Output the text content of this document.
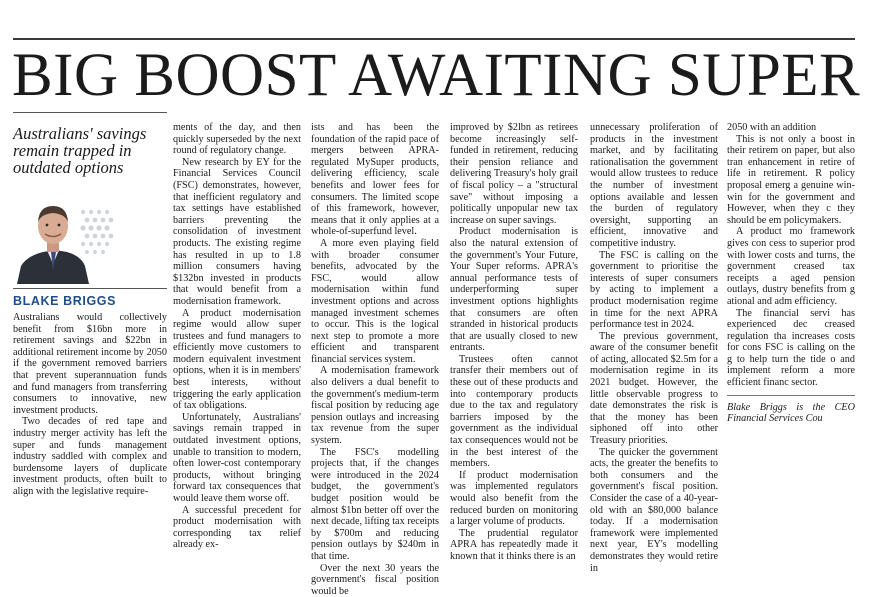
BIG BOOST AWAITING SUPER
Australians' savings remain trapped in outdated options
BLAKE BRIGGS

Australians would collectively benefit from $16bn more in retirement savings and $22bn in additional retirement income by 2050 if the government removed barriers that prevent superannuation funds and fund managers from transferring consumers to innovative, new investment products.

Two decades of red tape and industry merger activity has left the super and funds management industry saddled with complex and burdensome layers of duplicate investment products, often built to align with the legislative require-

ments of the day, and then quickly superseded by the next round of regulatory change.

New research by EY for the Financial Services Council (FSC) demonstrates, however, that inefficient regulatory and tax settings have established barriers preventing the consolidation of investment products. The existing regime has resulted in up to 1.8 million consumers having $132bn invested in products that would benefit from a modernisation framework.

A product modernisation regime would allow super trustees and fund managers to efficiently move customers to modern equivalent investment options, when it is in members' best interests, without triggering the early application of tax obligations.

Unfortunately, Australians' savings remain trapped in outdated investment options, unable to transition to modern, often lower-cost contemporary products, without bringing forward tax consequences that would leave them worse off.

A successful precedent for product modernisation with corresponding tax relief already ex-

ists and has been the foundation of the rapid pace of mergers between APRA-regulated MySuper products, delivering efficiency, scale benefits and lower fees for consumers. The limited scope of this framework, however, means that it only applies at a whole-of-superfund level.

A more even playing field with broader consumer benefits, advocated by the FSC, would allow modernisation within fund investment options and across managed investment schemes to occur. This is the logical next step to promote a more efficient and transparent financial services system.

A modernisation framework also delivers a dual benefit to the government's medium-term fiscal position by reducing age pension outlays and increasing tax revenue from the super system.

The FSC's modelling projects that, if the changes were introduced in the 2024 budget, the government's budget position would be almost $1bn better off over the next decade, lifting tax receipts by $700m and reducing pension outlays by $240m in that time.

Over the next 30 years the government's fiscal position would be

improved by $2lbn as retirees become increasingly self-funded in retirement, reducing their pension reliance and delivering Treasury's holy grail of fiscal policy – a "structural save" without imposing a politically unpopular new tax increase on super savings.

Product modernisation is also the natural extension of the government's Your Future, Your Super reforms. APRA's annual performance tests of underperforming super investment options highlights that consumers are often stranded in historical products that are usually closed to new entrants.

Trustees often cannot transfer their members out of these out of these products and into contemporary products due to the tax and regulatory barriers imposed by the government as the individual tax consequences would not be in the best interest of the members.

If product modernisation was implemented regulators would also benefit from the reduced burden on monitoring a larger volume of products.

The prudential regulator APRA has repeatedly made it known that it thinks there is an

unnecessary proliferation of products in the investment market, and by facilitating rationalisation the government would allow trustees to reduce the number of investment options available and lessen the burden of regulatory oversight, supporting an efficient, innovative and competitive industry.

The FSC is calling on the government to prioritise the interests of super consumers by acting to implement a product modernisation regime in time for the next APRA performance test in 2024.

The previous government, aware of the consumer benefit of acting, allocated $2.5m for a modernisation regime in its 2021 budget. However, the little observable progress to date demonstrates the risk is that the money has been siphoned off into other Treasury priorities.

The quicker the government acts, the greater the benefits to both consumers and the government's fiscal position. Consider the case of a 40-year-old with an $80,000 balance today. If a modernisation framework were implemented next year, EY's modelling demonstrates they would retire in

2050 with an addition

This is not only a boost in their retirem on paper, but also tran enhancement in retire of life in retirement. R policy proposal emerg a genuine win-win for the government and However, when they c they should be em policymakers.

A product mo framework gives con cess to superior prod with lower costs and turns, the government creased tax receipts a aged pension outlays, dustry benefits from g ational and adm efficiency.

The financial servi has experienced dec creased regulation tha increases costs for cons FSC is calling on the g to help turn the tide o and implement reform a more efficient financ sector.

Blake Briggs is the CEO Financial Services Cou
